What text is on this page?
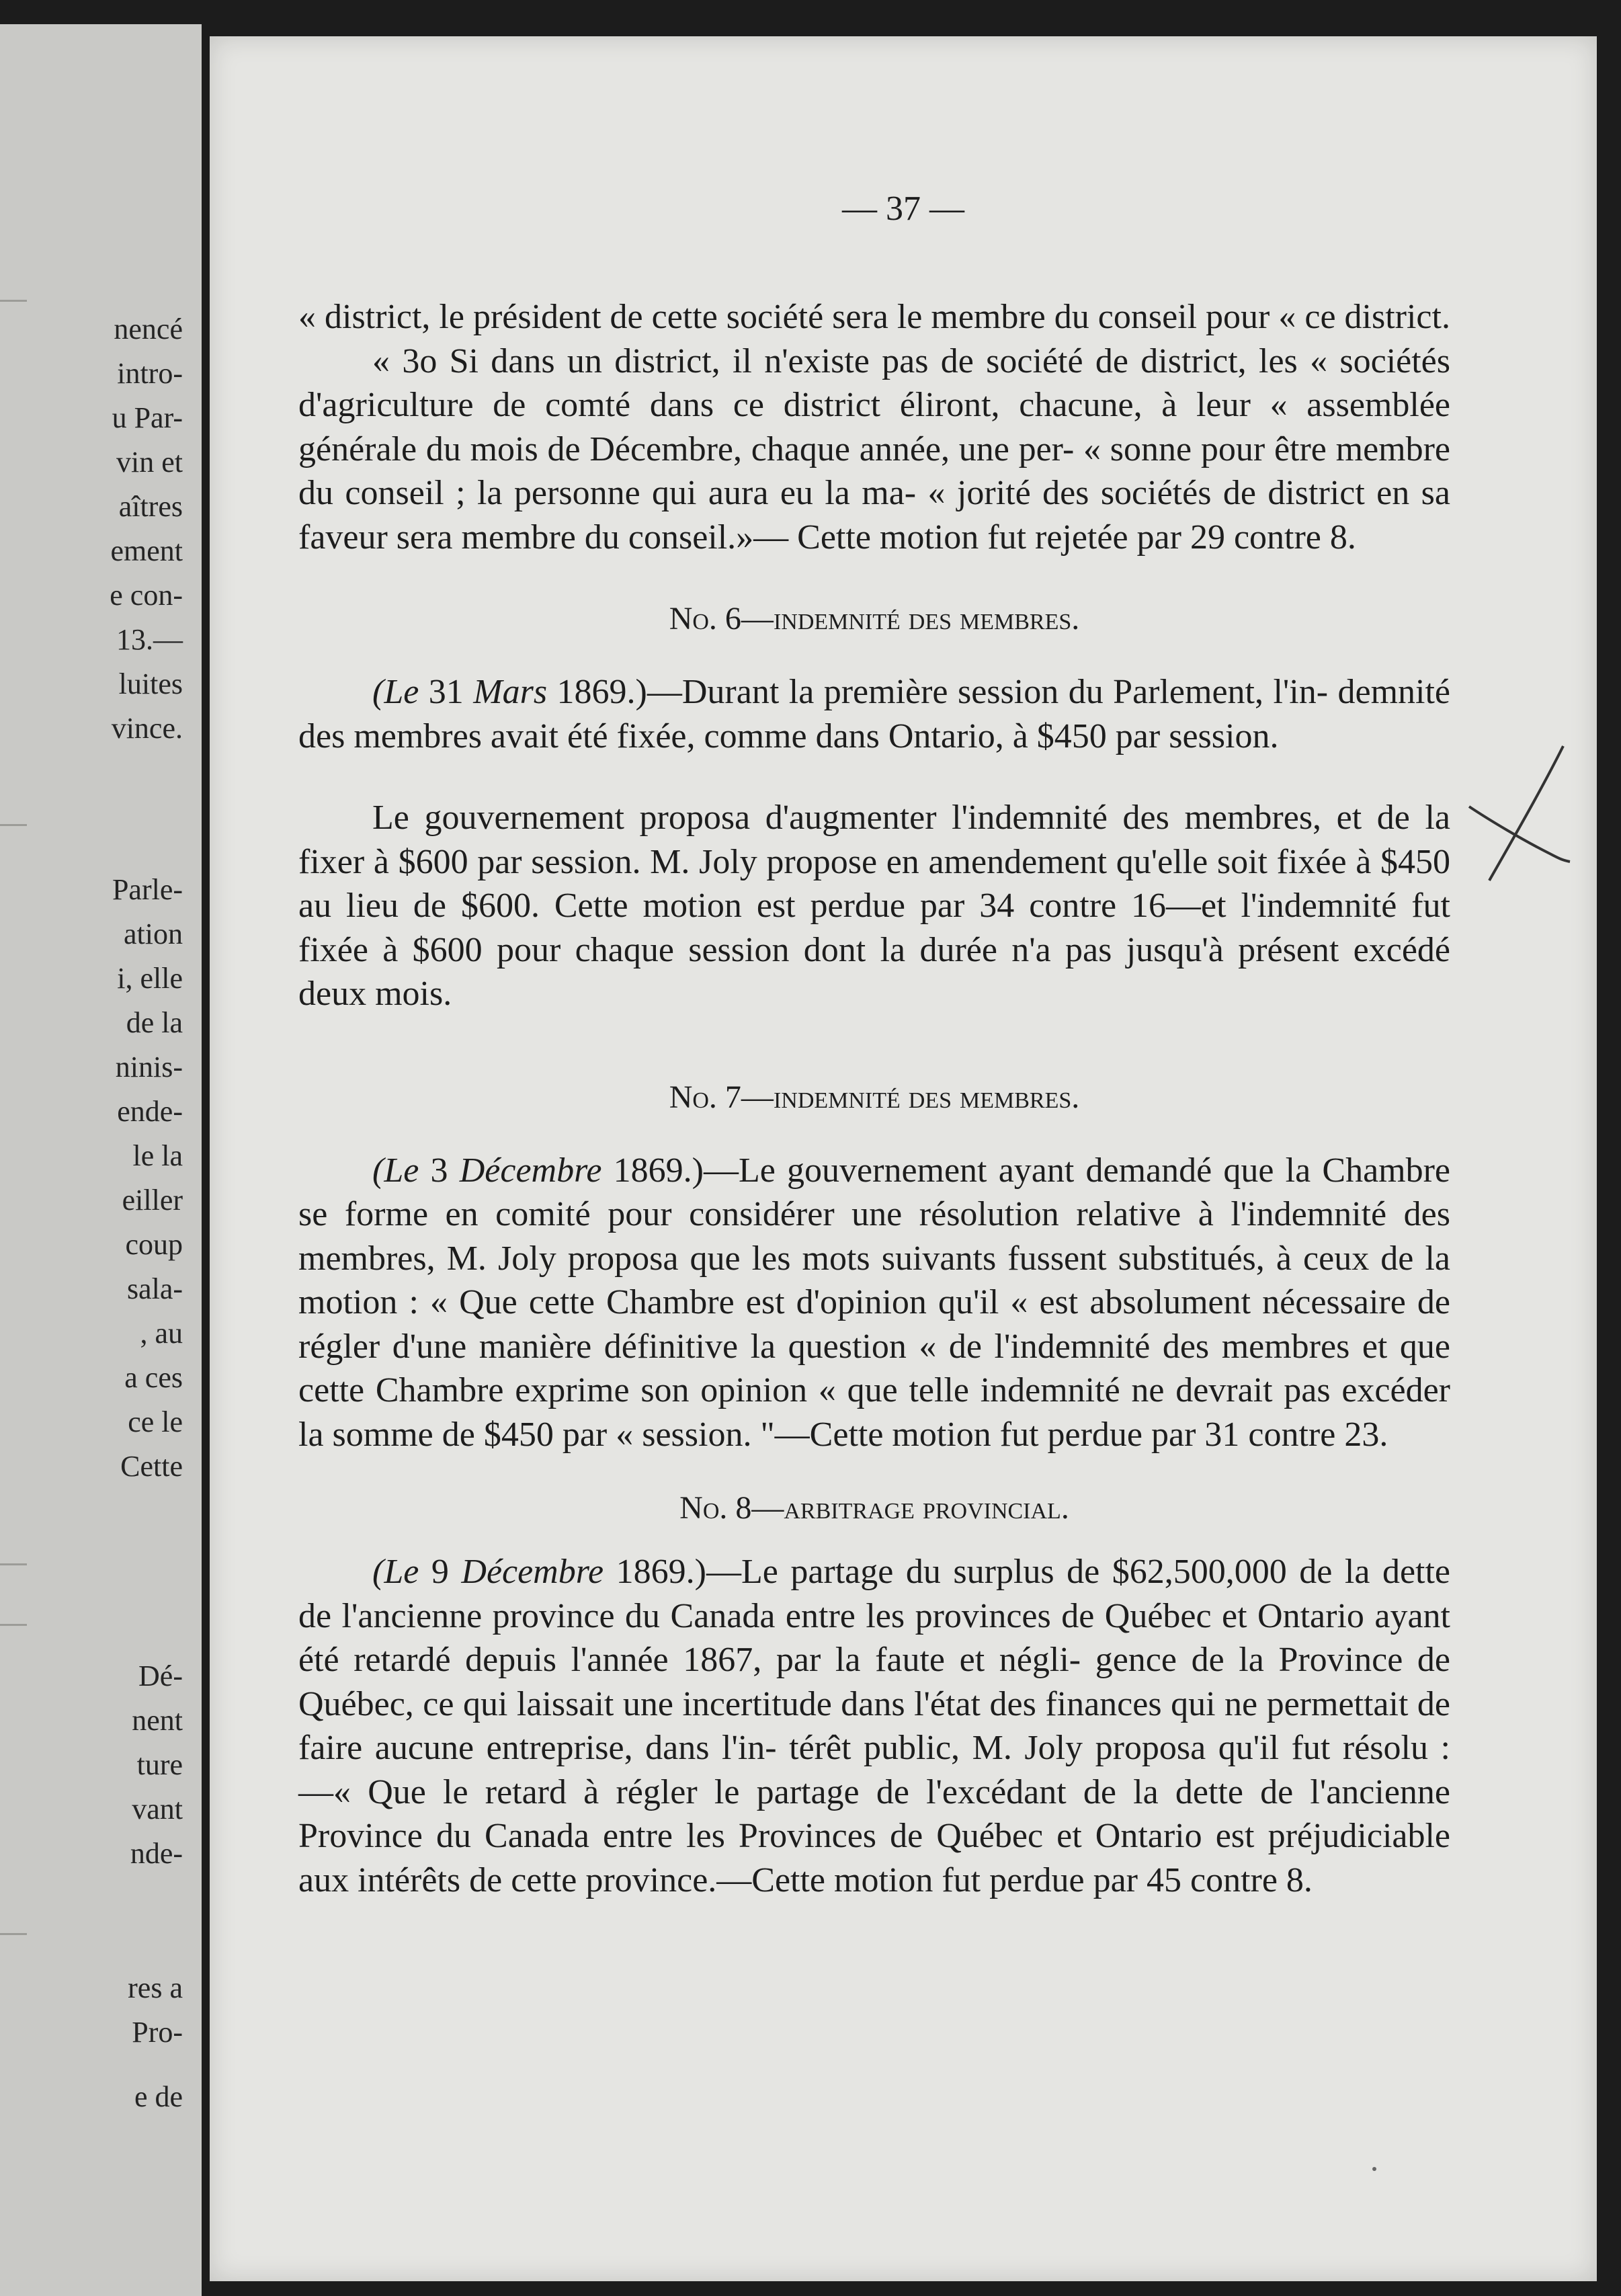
nencé
intro-
u Par-
vin et
aîtres
ement
e con-
13.—
luites
vince.
Parle-
ation
i, elle
de la
ninis-
ende-
le la
eiller
coup
sala-
, au
a ces
ce le
Cette
Dé-
nent
ture
vant
nde-
res a
Pro-
e de
— 37 —

« district, le président de cette société sera le membre du conseil pour « ce district.

« 3o Si dans un district, il n'existe pas de société de district, les « sociétés d'agriculture de comté dans ce district éliront, chacune, à leur « assemblée générale du mois de Décembre, chaque année, une per- « sonne pour être membre du conseil ; la personne qui aura eu la ma- « jorité des sociétés de district en sa faveur sera membre du conseil.»— Cette motion fut rejetée par 29 contre 8.

No. 6—indemnité des membres.

(Le 31 Mars 1869.)—Durant la première session du Parlement, l'in- demnité des membres avait été fixée, comme dans Ontario, à $450 par session.

Le gouvernement proposa d'augmenter l'indemnité des membres, et de la fixer à $600 par session. M. Joly propose en amendement qu'elle soit fixée à $450 au lieu de $600. Cette motion est perdue par 34 contre 16—et l'indemnité fut fixée à $600 pour chaque session dont la durée n'a pas jusqu'à présent excédé deux mois.

No. 7—indemnité des membres.

(Le 3 Décembre 1869.)—Le gouvernement ayant demandé que la Chambre se forme en comité pour considérer une résolution relative à l'indemnité des membres, M. Joly proposa que les mots suivants fussent substitués, à ceux de la motion : « Que cette Chambre est d'opinion qu'il « est absolument nécessaire de régler d'une manière définitive la question « de l'indemnité des membres et que cette Chambre exprime son opinion « que telle indemnité ne devrait pas excéder la somme de $450 par « session. "—Cette motion fut perdue par 31 contre 23.

No. 8—arbitrage provincial.

(Le 9 Décembre 1869.)—Le partage du surplus de $62,500,000 de la dette de l'ancienne province du Canada entre les provinces de Québec et Ontario ayant été retardé depuis l'année 1867, par la faute et négli- gence de la Province de Québec, ce qui laissait une incertitude dans l'état des finances qui ne permettait de faire aucune entreprise, dans l'in- térêt public, M. Joly proposa qu'il fut résolu :—« Que le retard à régler le partage de l'excédant de la dette de l'ancienne Province du Canada entre les Provinces de Québec et Ontario est préjudiciable aux intérêts de cette province.—Cette motion fut perdue par 45 contre 8.
